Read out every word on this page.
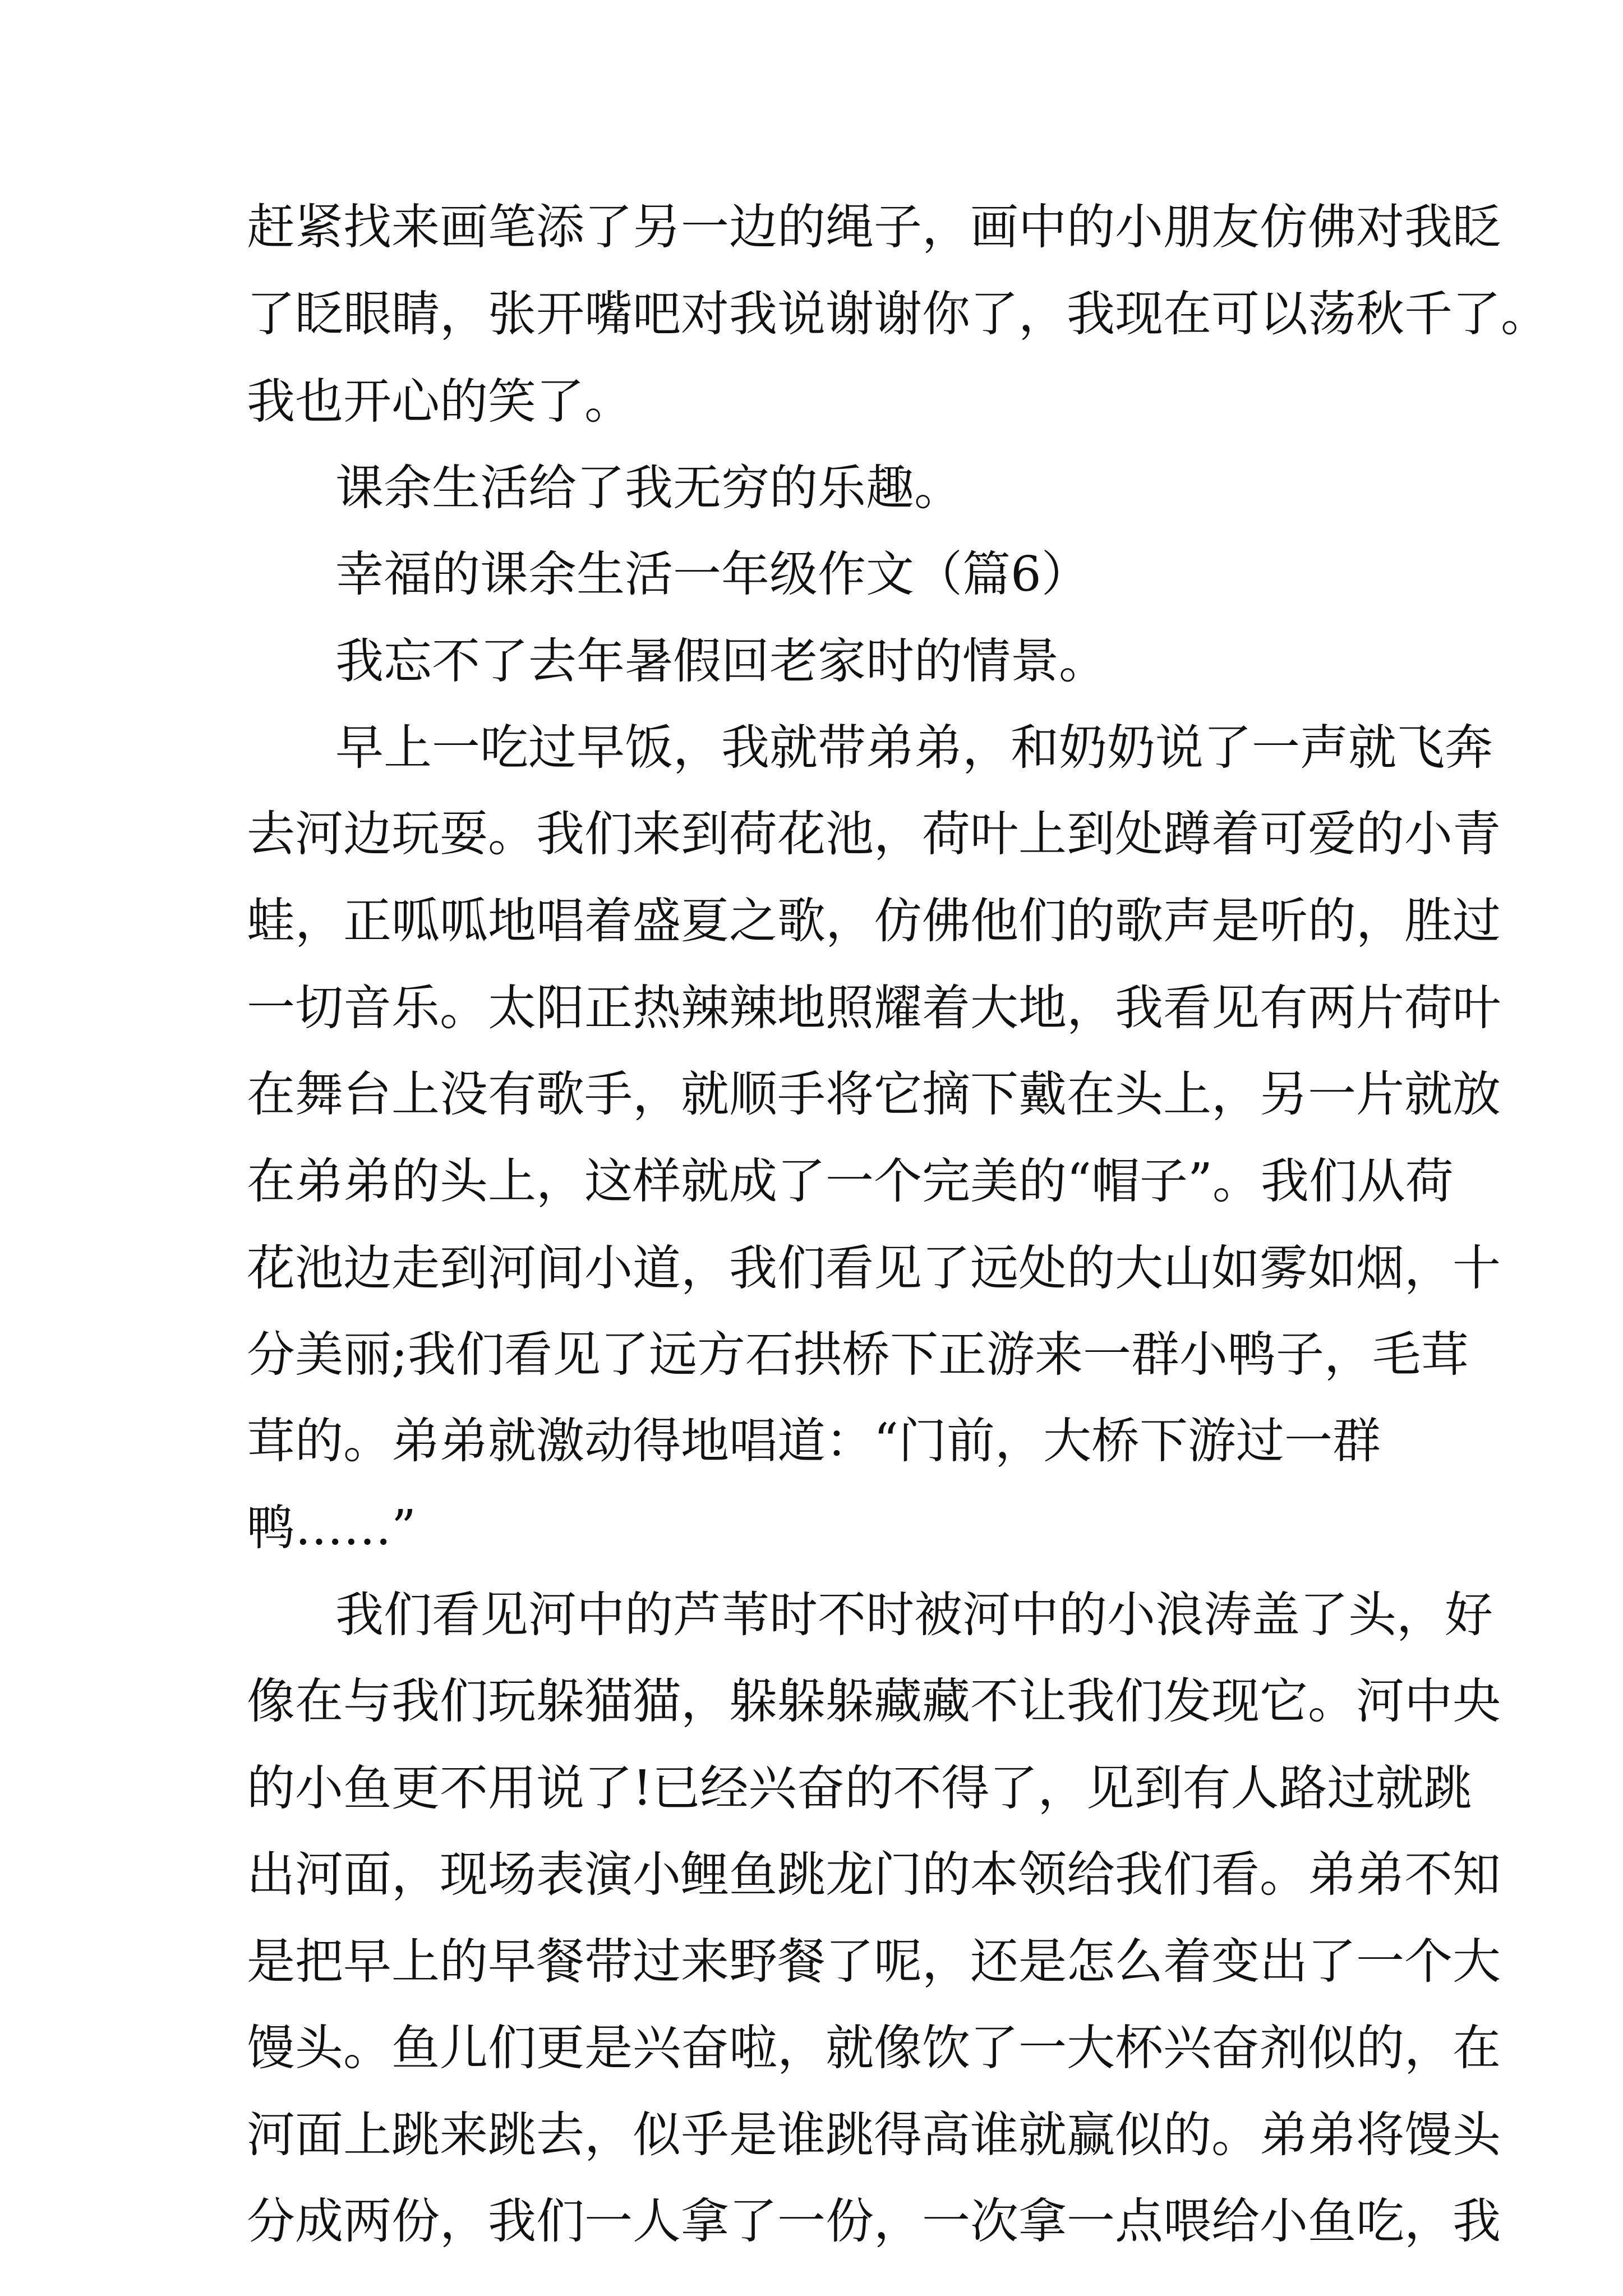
赶紧找来画笔添了另一边的绳子，画中的小朋友仿佛对我眨
了眨眼睛，张开嘴吧对我说谢谢你了，我现在可以荡秋千了。
我也开心的笑了。
课余生活给了我无穷的乐趣。
幸福的课余生活一年级作文（篇6）
我忘不了去年暑假回老家时的情景。
早上一吃过早饭，我就带弟弟，和奶奶说了一声就飞奔
去河边玩耍。我们来到荷花池，荷叶上到处蹲着可爱的小青
蛙，正呱呱地唱着盛夏之歌，仿佛他们的歌声是听的，胜过
一切音乐。太阳正热辣辣地照耀着大地，我看见有两片荷叶
在舞台上没有歌手，就顺手将它摘下戴在头上，另一片就放
在弟弟的头上，这样就成了一个完美的“帽子”。我们从荷
花池边走到河间小道，我们看见了远处的大山如雾如烟，十
分美丽;我们看见了远方石拱桥下正游来一群小鸭子，毛茸
茸的。弟弟就激动得地唱道：“门前，大桥下游过一群
鸭……”
我们看见河中的芦苇时不时被河中的小浪涛盖了头，好
像在与我们玩躲猫猫，躲躲躲藏藏不让我们发现它。河中央
的小鱼更不用说了!已经兴奋的不得了，见到有人路过就跳
出河面，现场表演小鲤鱼跳龙门的本领给我们看。弟弟不知
是把早上的早餐带过来野餐了呢，还是怎么着变出了一个大
馒头。鱼儿们更是兴奋啦，就像饮了一大杯兴奋剂似的，在
河面上跳来跳去，似乎是谁跳得高谁就赢似的。弟弟将馒头
分成两份，我们一人拿了一份，一次拿一点喂给小鱼吃，我
